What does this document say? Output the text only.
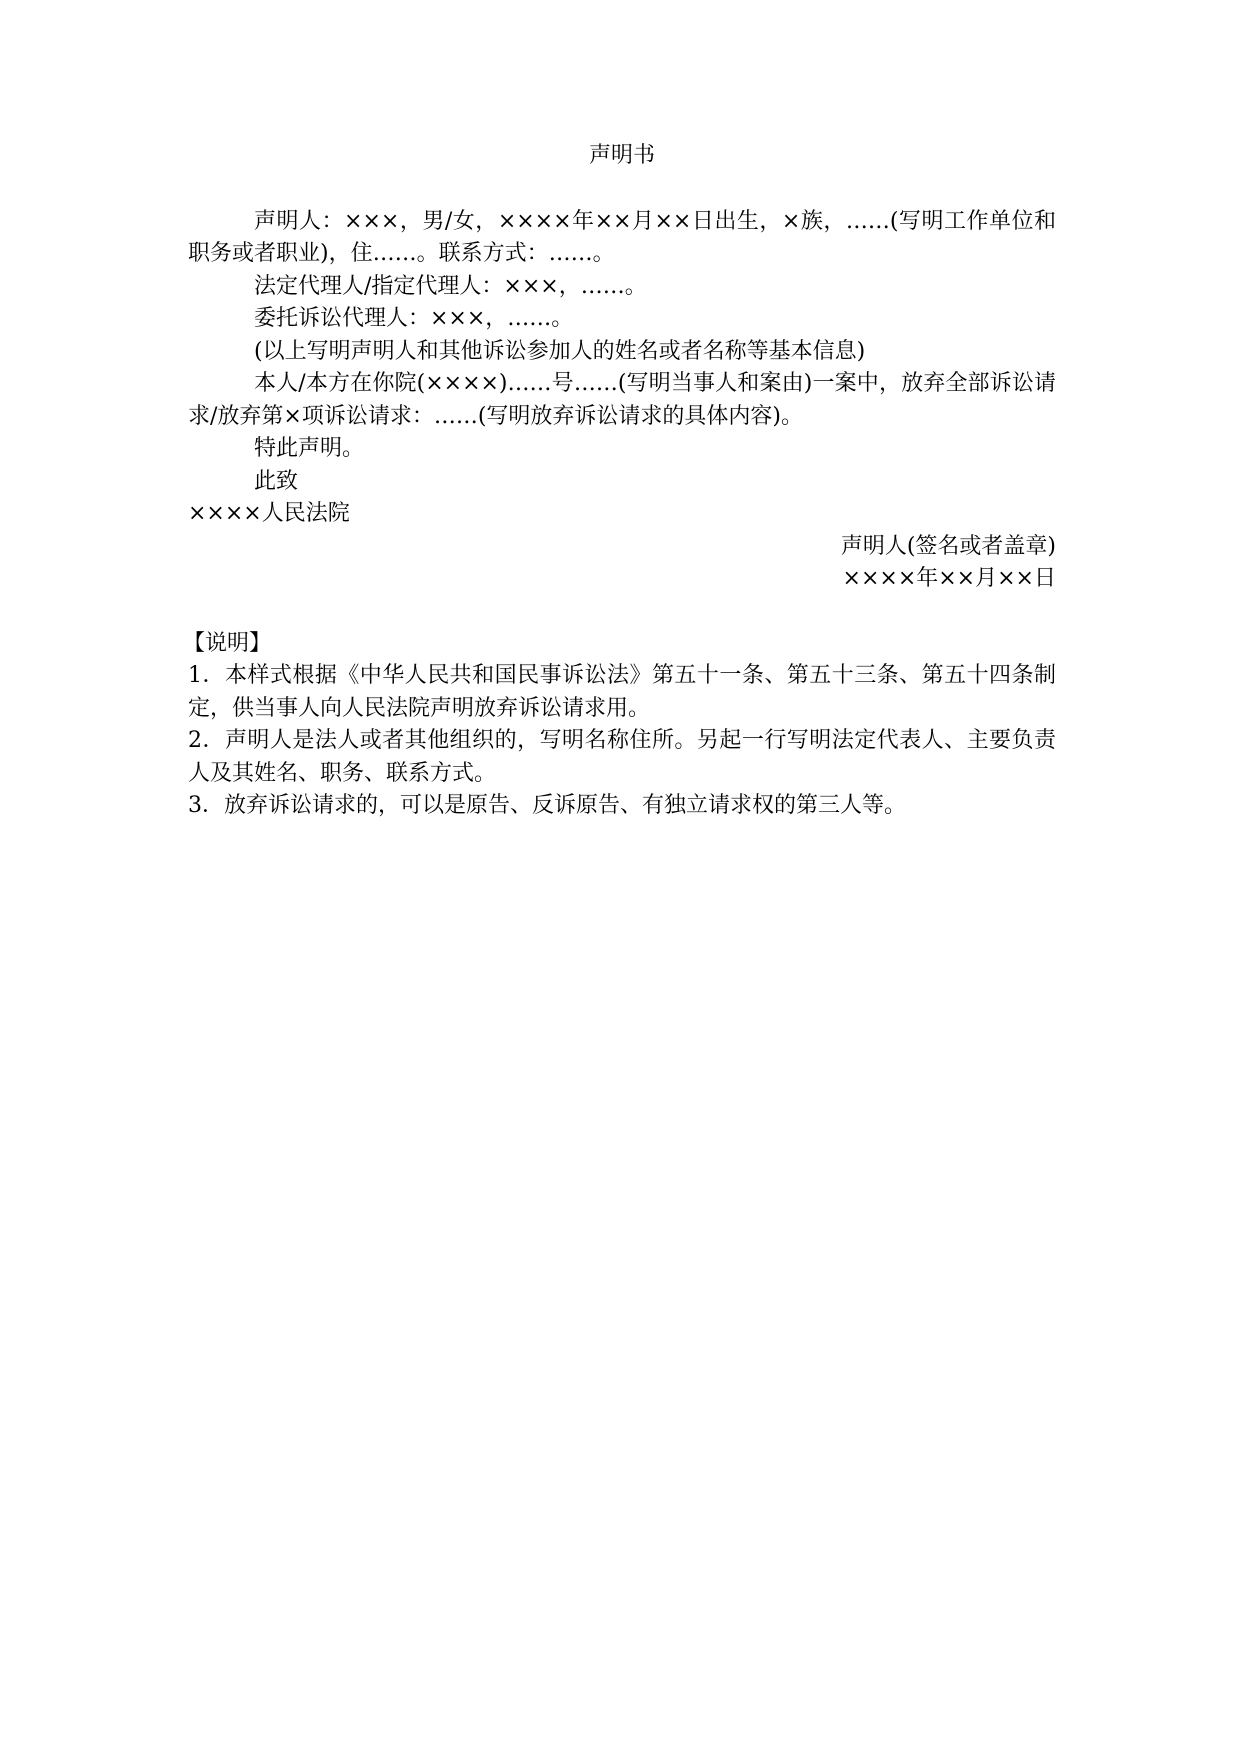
声明书

声明人：×××，男/女，××××年××月××日出生，×族，……(写明工作单位和职务或者职业)，住……。联系方式：……。

法定代理人/指定代理人：×××，……。

委托诉讼代理人：×××，……。

(以上写明声明人和其他诉讼参加人的姓名或者名称等基本信息)

本人/本方在你院(××××)……号……(写明当事人和案由)一案中，放弃全部诉讼请求/放弃第×项诉讼请求：……(写明放弃诉讼请求的具体内容)。

特此声明。

此致

××××人民法院

声明人(签名或者盖章)

××××年××月××日

【说明】

1．本样式根据《中华人民共和国民事诉讼法》第五十一条、第五十三条、第五十四条制定，供当事人向人民法院声明放弃诉讼请求用。

2．声明人是法人或者其他组织的，写明名称住所。另起一行写明法定代表人、主要负责人及其姓名、职务、联系方式。

3．放弃诉讼请求的，可以是原告、反诉原告、有独立请求权的第三人等。
